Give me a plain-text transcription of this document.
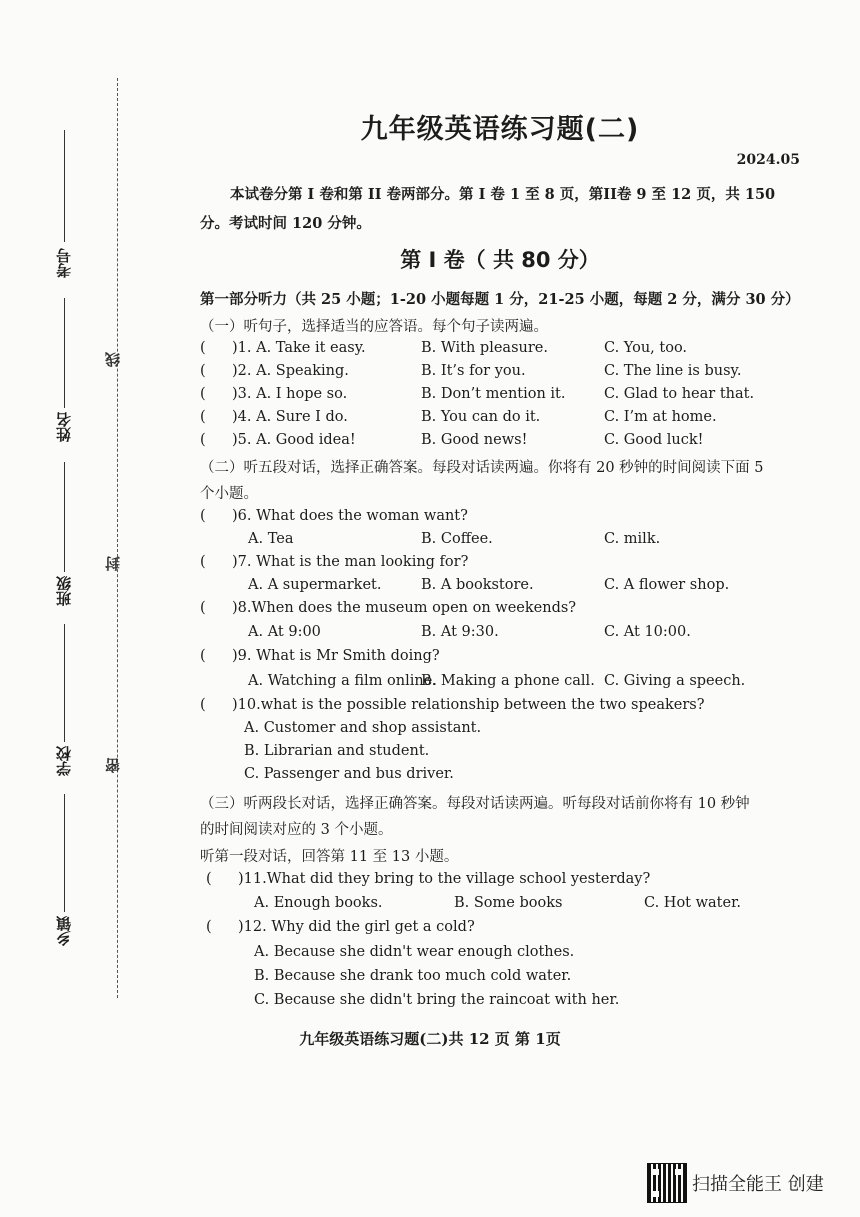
考号
姓名
班级
学校
乡镇
线
封
密
九年级英语练习题(二)
2024.05
本试卷分第 I 卷和第 II 卷两部分。第 I 卷 1 至 8 页，第II卷 9 至 12 页，共 150 分。考试时间 120 分钟。
第 I 卷（ 共 80 分）
第一部分听力（共 25 小题；1-20 小题每题 1 分，21-25 小题，每题 2 分，满分 30 分）
（一）听句子，选择适当的应答语。每个句子读两遍。
(	)1. A. Take it easy.	B. With pleasure.	C. You, too.
(	)2. A. Speaking.	B. It’s for you.	C. The line is busy.
(	)3. A. I hope so.	B. Don’t mention it.	C. Glad to hear that.
(	)4. A. Sure I do.	B. You can do it.	C. I’m at home.
(	)5. A. Good idea!	B. Good news!	C. Good luck!
（二）听五段对话，选择正确答案。每段对话读两遍。你将有 20 秒钟的时间阅读下面 5
个小题。
(	)6. What does the woman want?
A. Tea	B. Coffee.	C. milk.
(	)7. What is the man looking for?
A. A supermarket.	B. A bookstore.	C. A flower shop.
(	)8.When does the museum open on weekends?
A. At 9:00	B. At 9:30.	C. At 10:00.
(	)9. What is Mr Smith doing?
A. Watching a film online.
B. Making a phone call. C. Giving a speech.
(	)10.what is the possible relationship between the two speakers?
A. Customer and shop assistant.
B. Librarian and student.
C. Passenger and bus driver.
（三）听两段长对话，选择正确答案。每段对话读两遍。听每段对话前你将有 10 秒钟
的时间阅读对应的 3 个小题。
听第一段对话，回答第 11 至 13 小题。
(	)11.What did they bring to the village school yesterday?
A. Enough books.	B. Some books	C. Hot water.
(	)12. Why did the girl get a cold?
A. Because she didn't wear enough clothes.
B. Because she drank too much cold water.
C. Because she didn't bring the raincoat with her.
九年级英语练习题(二)共 12 页 第 1页
扫描全能王 创建
